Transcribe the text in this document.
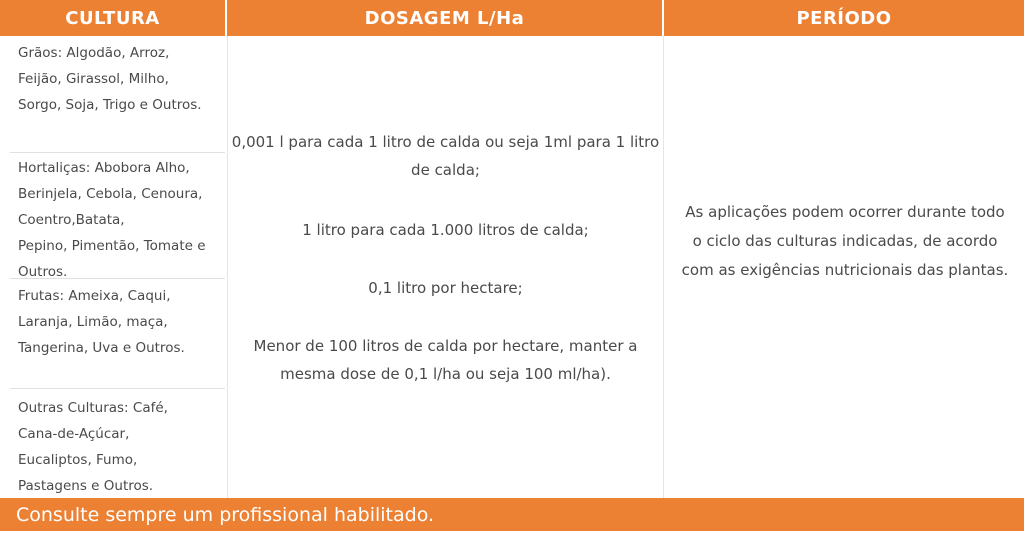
CULTURA	DOSAGEM L/Ha	PERÍODO
Grãos: Algodão, Arroz,
Feijão, Girassol, Milho,
Sorgo, Soja, Trigo e Outros.
Hortaliças: Abobora Alho,
Berinjela, Cebola, Cenoura,
Coentro,Batata,
Pepino, Pimentão, Tomate e
Outros.
Frutas: Ameixa, Caqui,
Laranja, Limão, maça,
Tangerina, Uva e Outros.
Outras Culturas: Café,
Cana-de-Açúcar,
Eucaliptos, Fumo,
Pastagens e Outros.
0,001 l para cada 1 litro de calda ou seja 1ml para 1 litro de calda;
1 litro para cada 1.000 litros de calda;
0,1 litro por hectare;
Menor de 100 litros de calda por hectare, manter a mesma dose de 0,1 l/ha ou seja 100 ml/ha).
As aplicações podem ocorrer durante todo o ciclo das culturas indicadas, de acordo com as exigências nutricionais das plantas.
Consulte sempre um profissional habilitado.
